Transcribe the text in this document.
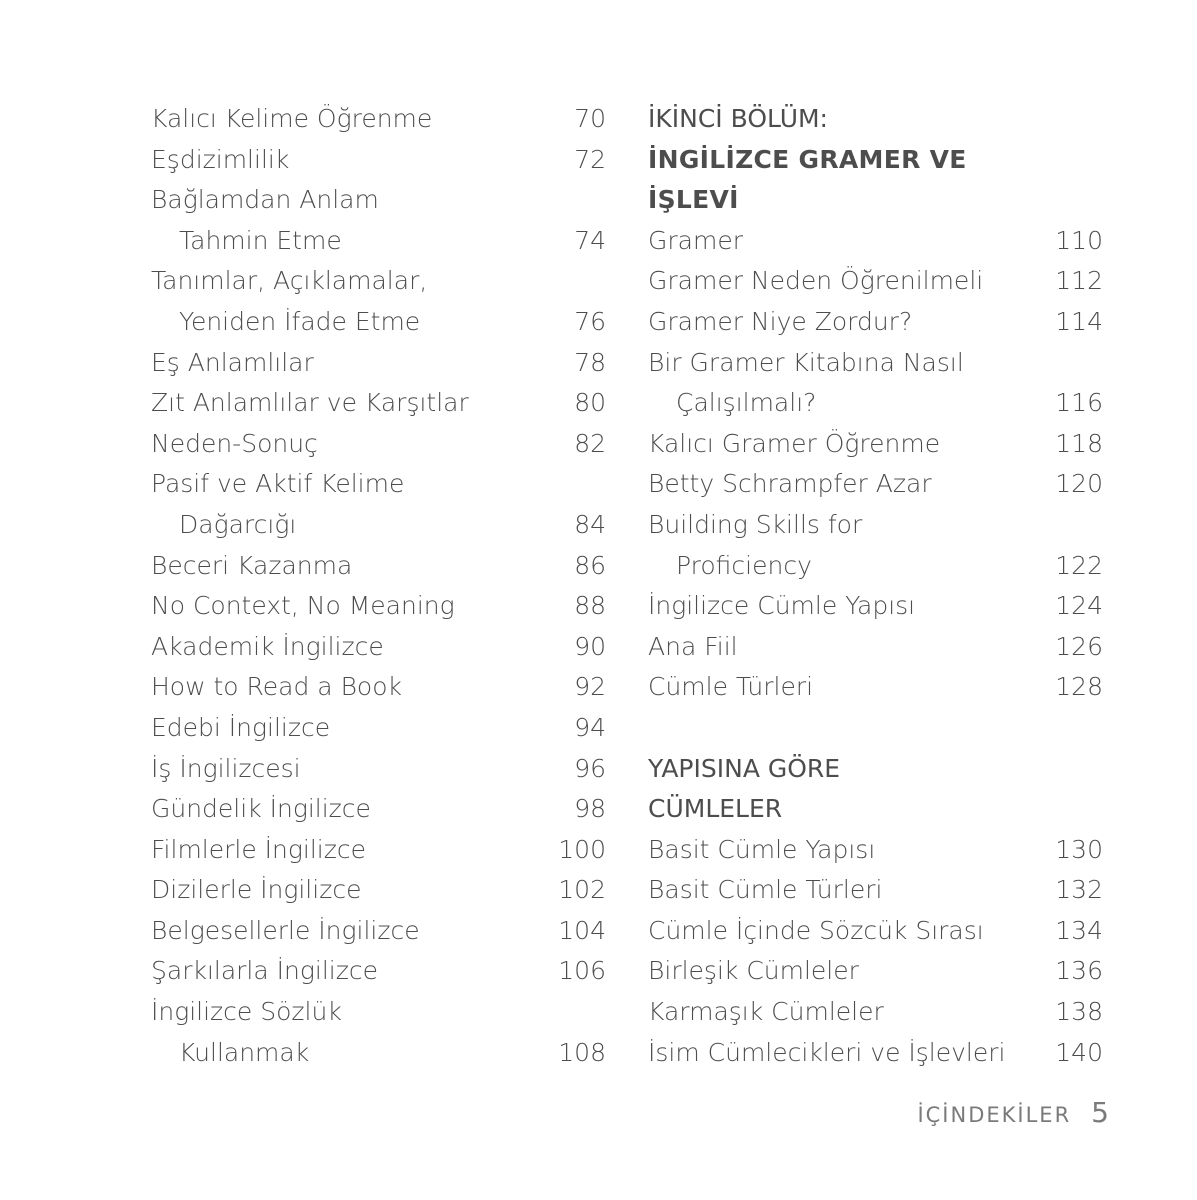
Kalıcı Kelime Öğrenme	70
Eşdizimlilik	72
Bağlamdan Anlam
Tahmin Etme	74
Tanımlar, Açıklamalar,
Yeniden İfade Etme	76
Eş Anlamlılar	78
Zıt Anlamlılar ve Karşıtlar	80
Neden-Sonuç	82
Pasif ve Aktif Kelime
Dağarcığı	84
Beceri Kazanma	86
No Context, No Meaning	88
Akademik İngilizce	90
How to Read a Book	92
Edebi İngilizce	94
İş İngilizcesi	96
Gündelik İngilizce	98
Filmlerle İngilizce	100
Dizilerle İngilizce	102
Belgesellerle İngilizce	104
Şarkılarla İngilizce	106
İngilizce Sözlük
Kullanmak	108
İKİNCİ BÖLÜM:
İNGİLİZCE GRAMER VE
İŞLEVİ
Gramer	110
Gramer Neden Öğrenilmeli	112
Gramer Niye Zordur?	114
Bir Gramer Kitabına Nasıl
Çalışılmalı?	116
Kalıcı Gramer Öğrenme	118
Betty Schrampfer Azar	120
Building Skills for
Proficiency	122
İngilizce Cümle Yapısı	124
Ana Fiil	126
Cümle Türleri	128
YAPISINA GÖRE
CÜMLELER
Basit Cümle Yapısı	130
Basit Cümle Türleri	132
Cümle İçinde Sözcük Sırası	134
Birleşik Cümleler	136
Karmaşık Cümleler	138
İsim Cümlecikleri ve İşlevleri 140
İÇİNDEKİLER 5
